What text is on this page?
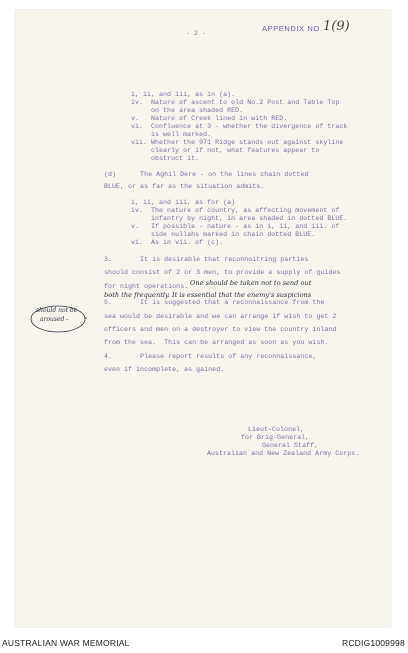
APPENDIX NO. 1(9)
- 2 -
i, ii, and iii, as in (a).
iv.  Nature of ascent to old No.2 Post and Table Top
on the area shaded RED.
v.   Nature of Creek lined in with RED.
vi.  Confluence at 3 - whether the divergence of track
is well marked.
vii. Whether the 971 Ridge stands out against skyline
clearly or if not, what features appear to
obstruct it.
(d)      The Aghil Dere - on the lines chain dotted
BLUE, or as far as the situation admits.
i, ii, and iii, as for (a)
iv.  The nature of country, as affecting movement of
infantry by night, in area shaded in dotted BLUE.
v.   If possible - nature - as in i, ii, and iii. of
side nullahs marked in chain dotted BLUE.
vi.  As in vii. of (c).
3.       It is desirable that reconnoitring parties
should consist of 2 or 3 men, to provide a supply of guides
for night operations. One should be taken not to send out
both the frequently. It is essential that the enemy's suspicions
5.       It is suggested that a reconnaissance from the
sea would be desirable and we can arrange if wish to get 2
officers and men on a destroyer to view the country inland
from the sea.  This can be arranged as soon as you wish.
4.       Please report results of any reconnaissance,
even if incomplete, as gained.
should not be
aroused -
Lieut-Colonel,
for Brig-General,
General Staff,
Australian and New Zealand Army Corps.
AUSTRALIAN WAR MEMORIAL	RCDIG1009998
